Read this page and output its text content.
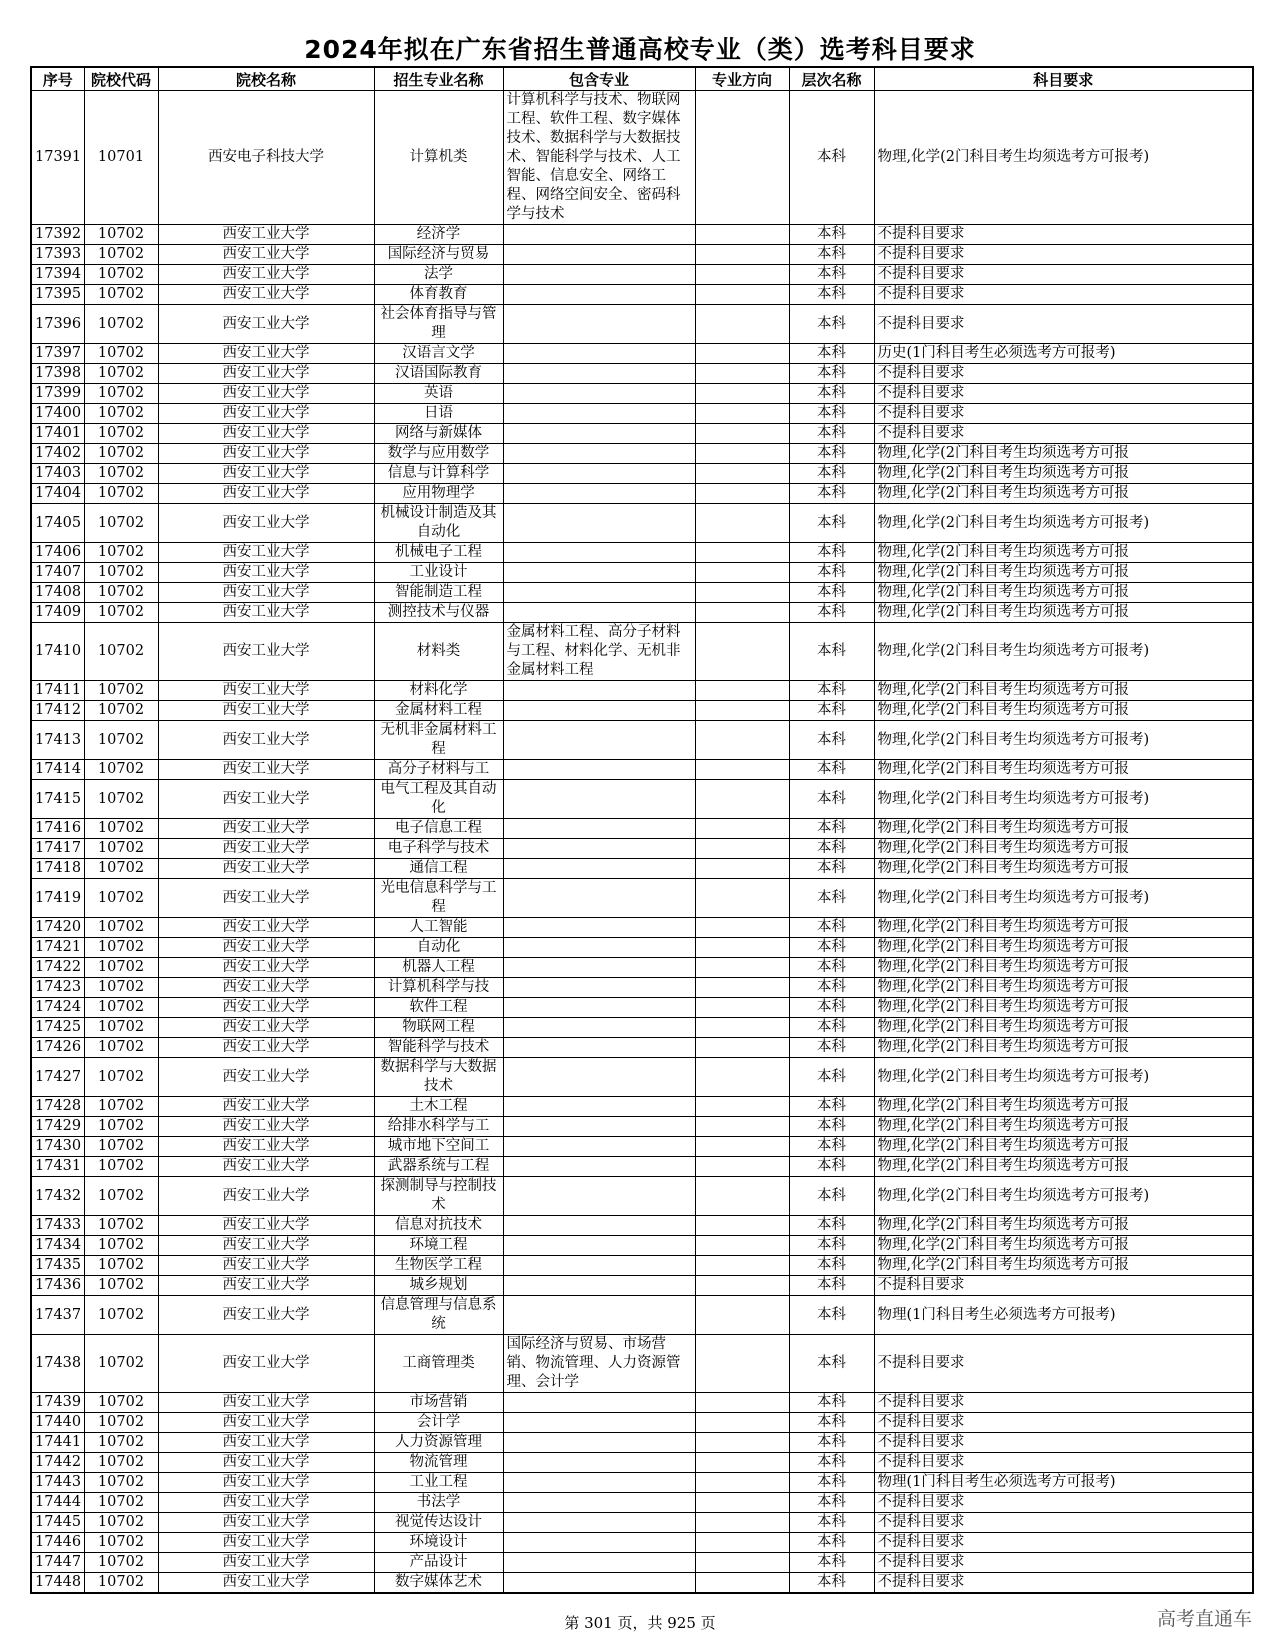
2024年拟在广东省招生普通高校专业（类）选考科目要求
序号	院校代码	院校名称	招生专业名称	包含专业	专业方向	层次名称	科目要求
17391	10701	西安电子科技大学	计算机类	计算机科学与技术、物联网工程、软件工程、数字媒体技术、数据科学与大数据技术、智能科学与技术、人工智能、信息安全、网络工程、网络空间安全、密码科学与技术		本科	物理,化学(2门科目考生均须选考方可报考)
17392	10702	西安工业大学	经济学			本科	不提科目要求
17393	10702	西安工业大学	国际经济与贸易			本科	不提科目要求
17394	10702	西安工业大学	法学			本科	不提科目要求
17395	10702	西安工业大学	体育教育			本科	不提科目要求
17396	10702	西安工业大学	社会体育指导与管理			本科	不提科目要求
17397	10702	西安工业大学	汉语言文学			本科	历史(1门科目考生必须选考方可报考)
17398	10702	西安工业大学	汉语国际教育			本科	不提科目要求
17399	10702	西安工业大学	英语			本科	不提科目要求
17400	10702	西安工业大学	日语			本科	不提科目要求
17401	10702	西安工业大学	网络与新媒体			本科	不提科目要求
17402	10702	西安工业大学	数学与应用数学			本科	物理,化学(2门科目考生均须选考方可报
17403	10702	西安工业大学	信息与计算科学			本科	物理,化学(2门科目考生均须选考方可报
17404	10702	西安工业大学	应用物理学			本科	物理,化学(2门科目考生均须选考方可报
17405	10702	西安工业大学	机械设计制造及其自动化			本科	物理,化学(2门科目考生均须选考方可报考)
17406	10702	西安工业大学	机械电子工程			本科	物理,化学(2门科目考生均须选考方可报
17407	10702	西安工业大学	工业设计			本科	物理,化学(2门科目考生均须选考方可报
17408	10702	西安工业大学	智能制造工程			本科	物理,化学(2门科目考生均须选考方可报
17409	10702	西安工业大学	测控技术与仪器			本科	物理,化学(2门科目考生均须选考方可报
17410	10702	西安工业大学	材料类	金属材料工程、高分子材料与工程、材料化学、无机非金属材料工程		本科	物理,化学(2门科目考生均须选考方可报考)
17411	10702	西安工业大学	材料化学			本科	物理,化学(2门科目考生均须选考方可报
17412	10702	西安工业大学	金属材料工程			本科	物理,化学(2门科目考生均须选考方可报
17413	10702	西安工业大学	无机非金属材料工程			本科	物理,化学(2门科目考生均须选考方可报考)
17414	10702	西安工业大学	高分子材料与工			本科	物理,化学(2门科目考生均须选考方可报
17415	10702	西安工业大学	电气工程及其自动化			本科	物理,化学(2门科目考生均须选考方可报考)
17416	10702	西安工业大学	电子信息工程			本科	物理,化学(2门科目考生均须选考方可报
17417	10702	西安工业大学	电子科学与技术			本科	物理,化学(2门科目考生均须选考方可报
17418	10702	西安工业大学	通信工程			本科	物理,化学(2门科目考生均须选考方可报
17419	10702	西安工业大学	光电信息科学与工程			本科	物理,化学(2门科目考生均须选考方可报考)
17420	10702	西安工业大学	人工智能			本科	物理,化学(2门科目考生均须选考方可报
17421	10702	西安工业大学	自动化			本科	物理,化学(2门科目考生均须选考方可报
17422	10702	西安工业大学	机器人工程			本科	物理,化学(2门科目考生均须选考方可报
17423	10702	西安工业大学	计算机科学与技			本科	物理,化学(2门科目考生均须选考方可报
17424	10702	西安工业大学	软件工程			本科	物理,化学(2门科目考生均须选考方可报
17425	10702	西安工业大学	物联网工程			本科	物理,化学(2门科目考生均须选考方可报
17426	10702	西安工业大学	智能科学与技术			本科	物理,化学(2门科目考生均须选考方可报
17427	10702	西安工业大学	数据科学与大数据技术			本科	物理,化学(2门科目考生均须选考方可报考)
17428	10702	西安工业大学	土木工程			本科	物理,化学(2门科目考生均须选考方可报
17429	10702	西安工业大学	给排水科学与工			本科	物理,化学(2门科目考生均须选考方可报
17430	10702	西安工业大学	城市地下空间工			本科	物理,化学(2门科目考生均须选考方可报
17431	10702	西安工业大学	武器系统与工程			本科	物理,化学(2门科目考生均须选考方可报
17432	10702	西安工业大学	探测制导与控制技术			本科	物理,化学(2门科目考生均须选考方可报考)
17433	10702	西安工业大学	信息对抗技术			本科	物理,化学(2门科目考生均须选考方可报
17434	10702	西安工业大学	环境工程			本科	物理,化学(2门科目考生均须选考方可报
17435	10702	西安工业大学	生物医学工程			本科	物理,化学(2门科目考生均须选考方可报
17436	10702	西安工业大学	城乡规划			本科	不提科目要求
17437	10702	西安工业大学	信息管理与信息系统			本科	物理(1门科目考生必须选考方可报考)
17438	10702	西安工业大学	工商管理类	国际经济与贸易、市场营销、物流管理、人力资源管理、会计学		本科	不提科目要求
17439	10702	西安工业大学	市场营销			本科	不提科目要求
17440	10702	西安工业大学	会计学			本科	不提科目要求
17441	10702	西安工业大学	人力资源管理			本科	不提科目要求
17442	10702	西安工业大学	物流管理			本科	不提科目要求
17443	10702	西安工业大学	工业工程			本科	物理(1门科目考生必须选考方可报考)
17444	10702	西安工业大学	书法学			本科	不提科目要求
17445	10702	西安工业大学	视觉传达设计			本科	不提科目要求
17446	10702	西安工业大学	环境设计			本科	不提科目要求
17447	10702	西安工业大学	产品设计			本科	不提科目要求
17448	10702	西安工业大学	数字媒体艺术			本科	不提科目要求
第 301 页，共 925 页	高考直通车
